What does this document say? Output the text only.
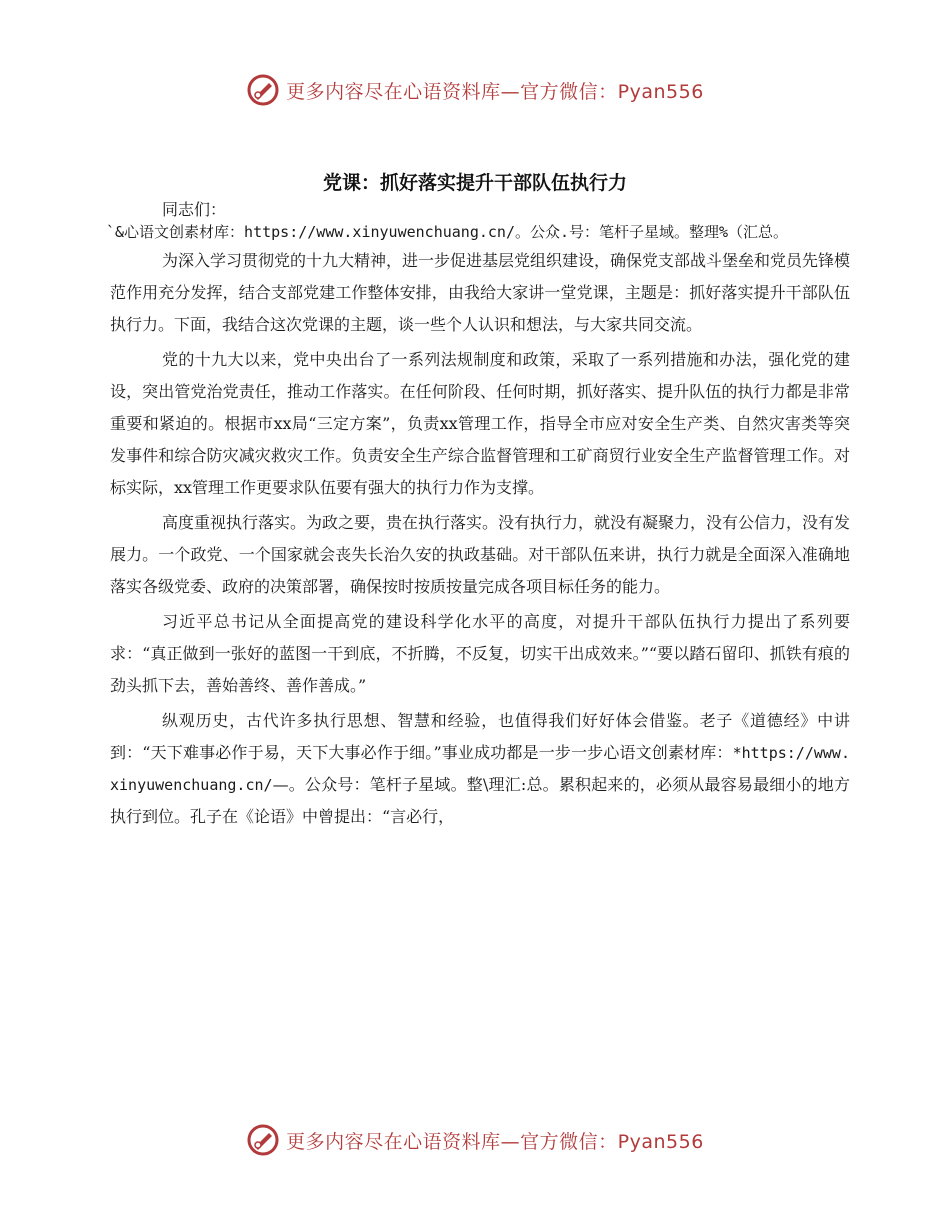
更多内容尽在心语资料库—官方微信：Pyan556
党课：抓好落实提升干部队伍执行力

同志们：

`&心语文创素材库：https://www.xinyuwenchuang.cn/。公众.号：笔杆子星域。整理%（汇总。

为深入学习贯彻党的十九大精神，进一步促进基层党组织建设，确保党支部战斗堡垒和党员先锋模范作用充分发挥，结合支部党建工作整体安排，由我给大家讲一堂党课，主题是：抓好落实提升干部队伍执行力。下面，我结合这次党课的主题，谈一些个人认识和想法，与大家共同交流。

党的十九大以来，党中央出台了一系列法规制度和政策，采取了一系列措施和办法，强化党的建设，突出管党治党责任，推动工作落实。在任何阶段、任何时期，抓好落实、提升队伍的执行力都是非常重要和紧迫的。根据市xx局“三定方案”，负责xx管理工作，指导全市应对安全生产类、自然灾害类等突发事件和综合防灾减灾救灾工作。负责安全生产综合监督管理和工矿商贸行业安全生产监督管理工作。对标实际，xx管理工作更要求队伍要有强大的执行力作为支撑。

高度重视执行落实。为政之要，贵在执行落实。没有执行力，就没有凝聚力，没有公信力，没有发展力。一个政党、一个国家就会丧失长治久安的执政基础。对干部队伍来讲，执行力就是全面深入准确地落实各级党委、政府的决策部署，确保按时按质按量完成各项目标任务的能力。

习近平总书记从全面提高党的建设科学化水平的高度，对提升干部队伍执行力提出了系列要求：“真正做到一张好的蓝图一干到底，不折腾，不反复，切实干出成效来。”“要以踏石留印、抓铁有痕的劲头抓下去，善始善终、善作善成。”

纵观历史，古代许多执行思想、智慧和经验，也值得我们好好体会借鉴。老子《道德经》中讲到：“天下难事必作于易，天下大事必作于细。”事业成功都是一步一步心语文创素材库：*https://www.xinyuwenchuang.cn/—。公众号：笔杆子星域。整\理汇:总。累积起来的，必须从最容易最细小的地方执行到位。孔子在《论语》中曾提出：“言必行，

更多内容尽在心语资料库—官方微信：Pyan556
